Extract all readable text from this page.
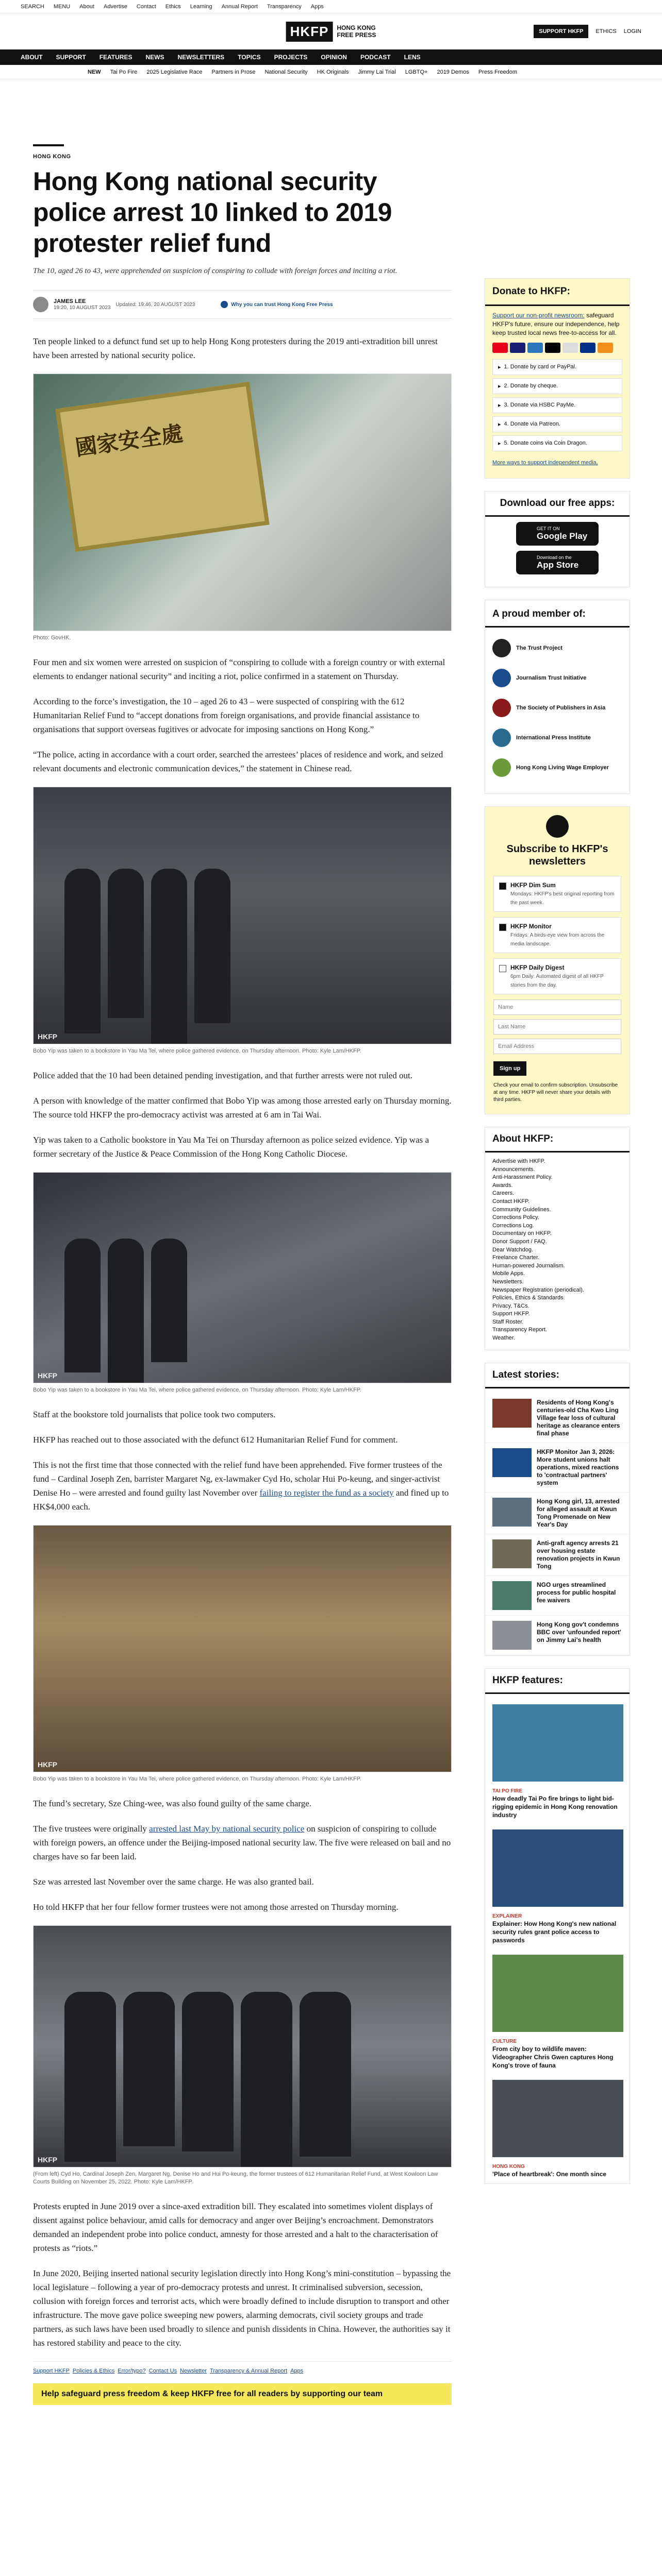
SEARCH MENU About Advertise Contact Ethics Learning Annual Report Transparency Apps
HKFP	HONG KONG
FREE PRESS	SUPPORT HKFP	ETHICS LOGIN
ABOUT SUPPORT FEATURES NEWS NEWSLETTERS TOPICS PROJECTS OPINION PODCAST LENS
NEW Tai Po Fire 2025 Legislative Race Partners in Prose National Security HK Originals Jimmy Lai Trial LGBTQ+ 2019 Demos Press Freedom
HONG KONG
Hong Kong national security police arrest 10 linked to 2019 protester relief fund
The 10, aged 26 to 43, were apprehended on suspicion of conspiring to collude with foreign forces and inciting a riot.
JAMES LEE
19:20, 10 AUGUST 2023
Updated: 19:46, 20 AUGUST 2023	Why you can trust Hong Kong Free Press

Ten people linked to a defunct fund set up to help Hong Kong protesters during the 2019 anti-extradition bill unrest have been arrested by national security police.

國家安全處
Photo: GovHK.

Four men and six women were arrested on suspicion of “conspiring to collude with a foreign country or with external elements to endanger national security” and inciting a riot, police confirmed in a statement on Thursday.

According to the force’s investigation, the 10 – aged 26 to 43 – were suspected of conspiring with the 612 Humanitarian Relief Fund to “accept donations from foreign organisations, and provide financial assistance to organisations that support overseas fugitives or advocate for imposing sanctions on Hong Kong.”

“The police, acting in accordance with a court order, searched the arrestees’ places of residence and work, and seized relevant documents and electronic communication devices,” the statement in Chinese read.

HKFP
Bobo Yip was taken to a bookstore in Yau Ma Tei, where police gathered evidence, on Thursday afternoon. Photo: Kyle Lam/HKFP.

Police added that the 10 had been detained pending investigation, and that further arrests were not ruled out.

A person with knowledge of the matter confirmed that Bobo Yip was among those arrested early on Thursday morning. The source told HKFP the pro-democracy activist was arrested at 6 am in Tai Wai.

Yip was taken to a Catholic bookstore in Yau Ma Tei on Thursday afternoon as police seized evidence. Yip was a former secretary of the Justice & Peace Commission of the Hong Kong Catholic Diocese.

HKFP
Bobo Yip was taken to a bookstore in Yau Ma Tei, where police gathered evidence, on Thursday afternoon. Photo: Kyle Lam/HKFP.

Staff at the bookstore told journalists that police took two computers.

HKFP has reached out to those associated with the defunct 612 Humanitarian Relief Fund for comment.

This is not the first time that those connected with the relief fund have been apprehended. Five former trustees of the fund – Cardinal Joseph Zen, barrister Margaret Ng, ex-lawmaker Cyd Ho, scholar Hui Po-keung, and singer-activist Denise Ho – were arrested and found guilty last November over failing to register the fund as a society and fined up to HK$4,000 each.

HKFP
Bobo Yip was taken to a bookstore in Yau Ma Tei, where police gathered evidence, on Thursday afternoon. Photo: Kyle Lam/HKFP.

The fund’s secretary, Sze Ching-wee, was also found guilty of the same charge.

The five trustees were originally arrested last May by national security police on suspicion of conspiring to collude with foreign powers, an offence under the Beijing-imposed national security law. The five were released on bail and no charges have so far been laid.

Sze was arrested last November over the same charge. He was also granted bail.

Ho told HKFP that her four fellow former trustees were not among those arrested on Thursday morning.

HKFP
(From left) Cyd Ho, Cardinal Joseph Zen, Margaret Ng, Denise Ho and Hui Po-keung, the former trustees of 612 Humanitarian Relief Fund, at West Kowloon Law Courts Building on November 25, 2022. Photo: Kyle Lam/HKFP.

Protests erupted in June 2019 over a since-axed extradition bill. They escalated into sometimes violent displays of dissent against police behaviour, amid calls for democracy and anger over Beijing’s encroachment. Demonstrators demanded an independent probe into police conduct, amnesty for those arrested and a halt to the characterisation of protests as “riots.”

In June 2020, Beijing inserted national security legislation directly into Hong Kong’s mini-constitution – bypassing the local legislature – following a year of pro-democracy protests and unrest. It criminalised subversion, secession, collusion with foreign forces and terrorist acts, which were broadly defined to include disruption to transport and other infrastructure. The move gave police sweeping new powers, alarming democrats, civil society groups and trade partners, as such laws have been used broadly to silence and punish dissidents in China. However, the authorities say it has restored stability and peace to the city.

Support HKFP Policies & Ethics Error/typo? Contact Us Newsletter Transparency & Annual Report Apps
Help safeguard press freedom & keep HKFP free for all readers by supporting our team
Donate to HKFP:
Support our non-profit newsroom: safeguard HKFP's future, ensure our independence, help keep trusted local news free-to-access for all.
▸ 1. Donate by card or PayPal.
▸ 2. Donate by cheque.
▸ 3. Donate via HSBC PayMe.
▸ 4. Donate via Patreon.
▸ 5. Donate coins via Coin Dragon.
More ways to support independent media.
Download our free apps:
GET IT ON
Google Play
Download on the
App Store
A proud member of:
The Trust Project
Journalism Trust Initiative
The Society of Publishers in Asia
International Press Institute
Hong Kong Living Wage Employer
Subscribe to HKFP's newsletters
HKFP Dim Sum
Mondays: HKFP's best original reporting from the past week.
HKFP Monitor
Fridays: A birds-eye view from across the media landscape.
HKFP Daily Digest
6pm Daily: Automated digest of all HKFP stories from the day.
Name
Last Name
Email Address
Sign up
Check your email to confirm subscription. Unsubscribe at any time. HKFP will never share your details with third parties.
About HKFP:
Advertise with HKFP.
Announcements.
Anti-Harassment Policy.
Awards.
Careers.
Contact HKFP.
Community Guidelines.
Corrections Policy.
Corrections Log.
Documentary on HKFP.
Donor Support / FAQ.
Dear Watchdog.
Freelance Charter.
Human-powered Journalism.
Mobile Apps.
Newsletters.
Newspaper Registration (periodical).
Policies, Ethics & Standards.
Privacy, T&Cs.
Support HKFP.
Staff Roster.
Transparency Report.
Weather.
Latest stories:
Residents of Hong Kong's centuries-old Cha Kwo Ling Village fear loss of cultural heritage as clearance enters final phase
HKFP Monitor Jan 3, 2026: More student unions halt operations, mixed reactions to 'contractual partners' system
Hong Kong girl, 13, arrested for alleged assault at Kwun Tong Promenade on New Year's Day
Anti-graft agency arrests 21 over housing estate renovation projects in Kwun Tong
NGO urges streamlined process for public hospital fee waivers
Hong Kong gov't condemns BBC over 'unfounded report' on Jimmy Lai's health
HKFP features:
TAI PO FIRE
How deadly Tai Po fire brings to light bid-rigging epidemic in Hong Kong renovation industry
EXPLAINER
Explainer: How Hong Kong's new national security rules grant police access to passwords
CULTURE
From city boy to wildlife maven: Videographer Chris Gwen captures Hong Kong's trove of fauna
HONG KONG
'Place of heartbreak': One month since
